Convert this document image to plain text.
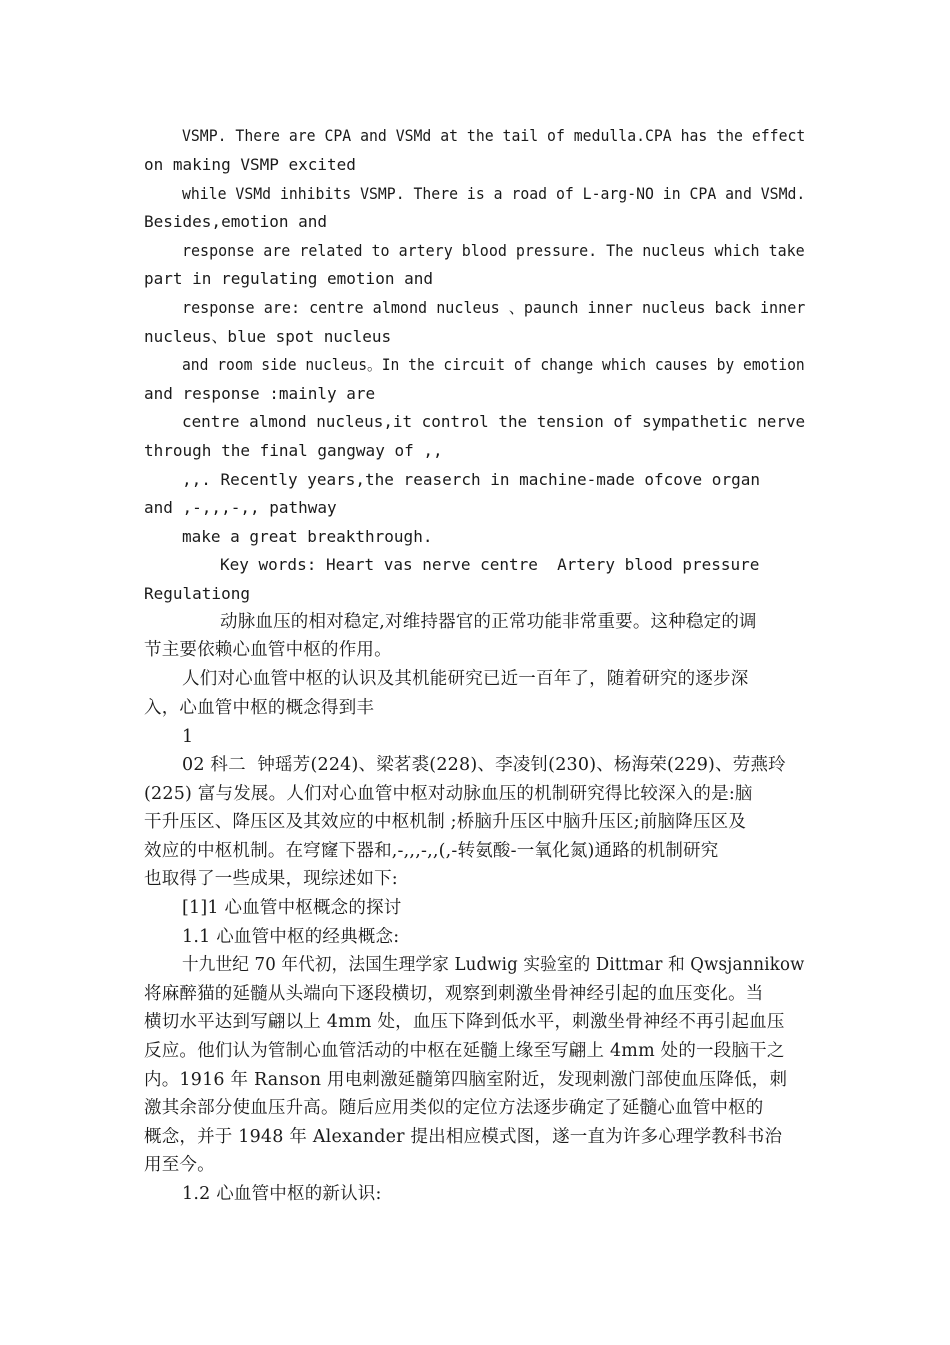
VSMP. There are CPA and VSMd at the tail of medulla.CPA has the effect
on making VSMP excited
while VSMd inhibits VSMP. There is a road of L-arg-NO in CPA and VSMd.
Besides,emotion and
response are related to artery blood pressure. The nucleus which take
part in regulating emotion and
response are: centre almond nucleus 、paunch inner nucleus back inner
nucleus、blue spot nucleus
and room side nucleus。In the circuit of change which causes by emotion
and response :mainly are
centre almond nucleus,it control the tension of sympathetic nerve
through the final gangway of ,,
,,. Recently years,the reaserch in machine-made ofcove organ
and ,-,,,-,, pathway
make a great breakthrough.
Key words: Heart vas nerve centre  Artery blood pressure
Regulationg
动脉血压的相对稳定,对维持器官的正常功能非常重要。这种稳定的调
节主要依赖心血管中枢的作用。
人们对心血管中枢的认识及其机能研究已近一百年了，随着研究的逐步深
入，心血管中枢的概念得到丰
1
02 科二  钟瑶芳(224)、梁茗裘(228)、李凌钊(230)、杨海荣(229)、劳燕玲
(225) 富与发展。人们对心血管中枢对动脉血压的机制研究得比较深入的是:脑
干升压区、降压区及其效应的中枢机制 ;桥脑升压区中脑升压区;前脑降压区及
效应的中枢机制。在穹窿下器和,-,,,-,,(,-转氨酸-一氧化氮)通路的机制研究
也取得了一些成果，现综述如下:
[1]1 心血管中枢概念的探讨
1.1 心血管中枢的经典概念:
十九世纪 70 年代初，法国生理学家 Ludwig 实验室的 Dittmar 和 Qwsjannikow
将麻醉猫的延髓从头端向下逐段横切，观察到刺激坐骨神经引起的血压变化。当
横切水平达到写翩以上 4mm 处，血压下降到低水平，刺激坐骨神经不再引起血压
反应。他们认为管制心血管活动的中枢在延髓上缘至写翩上 4mm 处的一段脑干之
内。1916 年 Ranson 用电刺激延髓第四脑室附近，发现刺激门部使血压降低，刺
激其余部分使血压升高。随后应用类似的定位方法逐步确定了延髓心血管中枢的
概念，并于 1948 年 Alexander 提出相应模式图，遂一直为许多心理学教科书治
用至今。
1.2 心血管中枢的新认识:
